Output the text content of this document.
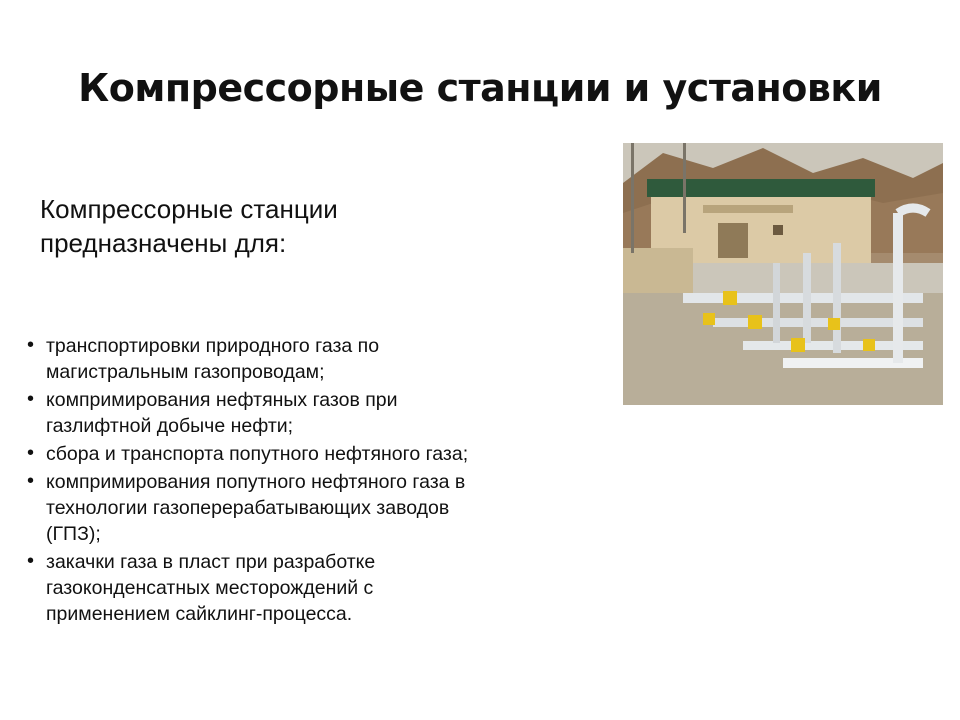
Компрессорные станции и установки

Компрессорные станции
предназначены для:

• транспортировки природного газа по
магистральным газопроводам;
• компримирования нефтяных газов при
газлифтной добыче нефти;
• сбора и транспорта попутного нефтяного газа;
• компримирования попутного нефтяного газа в
технологии газоперерабатывающих заводов
(ГПЗ);
• закачки газа в пласт при разработке
газоконденсатных месторождений с
применением сайклинг-процесса.
